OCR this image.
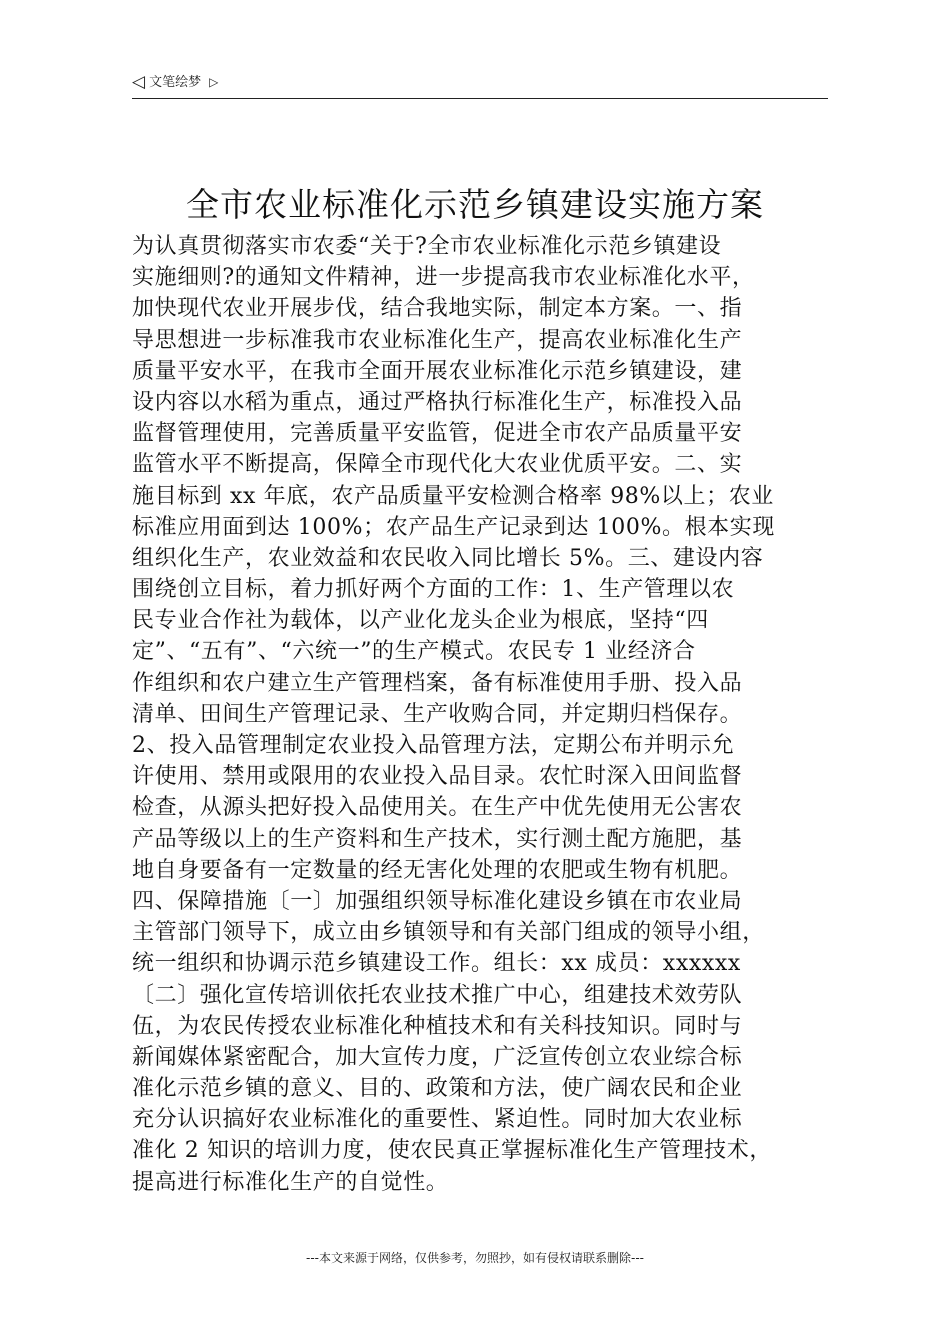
◁ 文笔绘梦 ▷
全市农业标准化示范乡镇建设实施方案
为认真贯彻落实市农委“关于?全市农业标准化示范乡镇建设
实施细则?的通知文件精神，进一步提高我市农业标准化水平，
加快现代农业开展步伐，结合我地实际，制定本方案。一、指
导思想进一步标准我市农业标准化生产，提高农业标准化生产
质量平安水平，在我市全面开展农业标准化示范乡镇建设，建
设内容以水稻为重点，通过严格执行标准化生产，标准投入品
监督管理使用，完善质量平安监管，促进全市农产品质量平安
监管水平不断提高，保障全市现代化大农业优质平安。二、实
施目标到 xx 年底，农产品质量平安检测合格率 98%以上；农业
标准应用面到达 100%；农产品生产记录到达 100%。根本实现
组织化生产，农业效益和农民收入同比增长 5%。三、建设内容
围绕创立目标，着力抓好两个方面的工作：1、生产管理以农
民专业合作社为载体，以产业化龙头企业为根底，坚持“四
定”、“五有”、“六统一”的生产模式。农民专 1 业经济合
作组织和农户建立生产管理档案，备有标准使用手册、投入品
清单、田间生产管理记录、生产收购合同，并定期归档保存。
2、投入品管理制定农业投入品管理方法，定期公布并明示允
许使用、禁用或限用的农业投入品目录。农忙时深入田间监督
检查，从源头把好投入品使用关。在生产中优先使用无公害农
产品等级以上的生产资料和生产技术，实行测土配方施肥，基
地自身要备有一定数量的经无害化处理的农肥或生物有机肥。
四、保障措施〔一〕加强组织领导标准化建设乡镇在市农业局
主管部门领导下，成立由乡镇领导和有关部门组成的领导小组，
统一组织和协调示范乡镇建设工作。组长：xx 成员：xxxxxx
〔二〕强化宣传培训依托农业技术推广中心，组建技术效劳队
伍，为农民传授农业标准化种植技术和有关科技知识。同时与
新闻媒体紧密配合，加大宣传力度，广泛宣传创立农业综合标
准化示范乡镇的意义、目的、政策和方法，使广阔农民和企业
充分认识搞好农业标准化的重要性、紧迫性。同时加大农业标
准化 2 知识的培训力度，使农民真正掌握标准化生产管理技术，
提高进行标准化生产的自觉性。
---本文来源于网络，仅供参考，勿照抄，如有侵权请联系删除---
